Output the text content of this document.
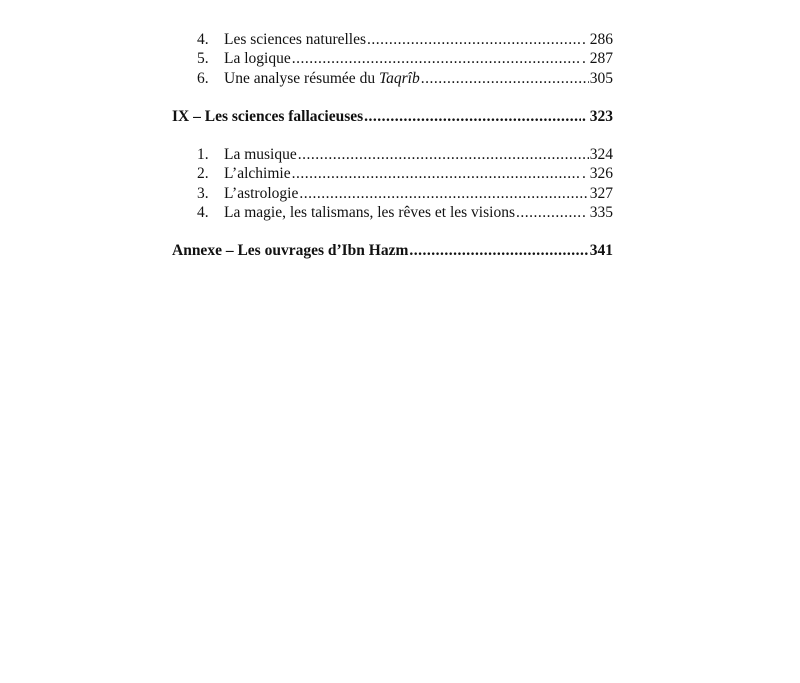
4. Les sciences naturelles .....	. 286
5. La logique .....	. 287
6. Une analyse résumée du Taqrîb .....	305
IX – Les sciences fallacieuses .....	. 323
1. La musique .....	324
2. L’alchimie .....	. 326
3. L’astrologie .....	327
4. La magie, les talismans, les rêves et les visions .....	. 335
Annexe – Les ouvrages d’Ibn Hazm .....	341
